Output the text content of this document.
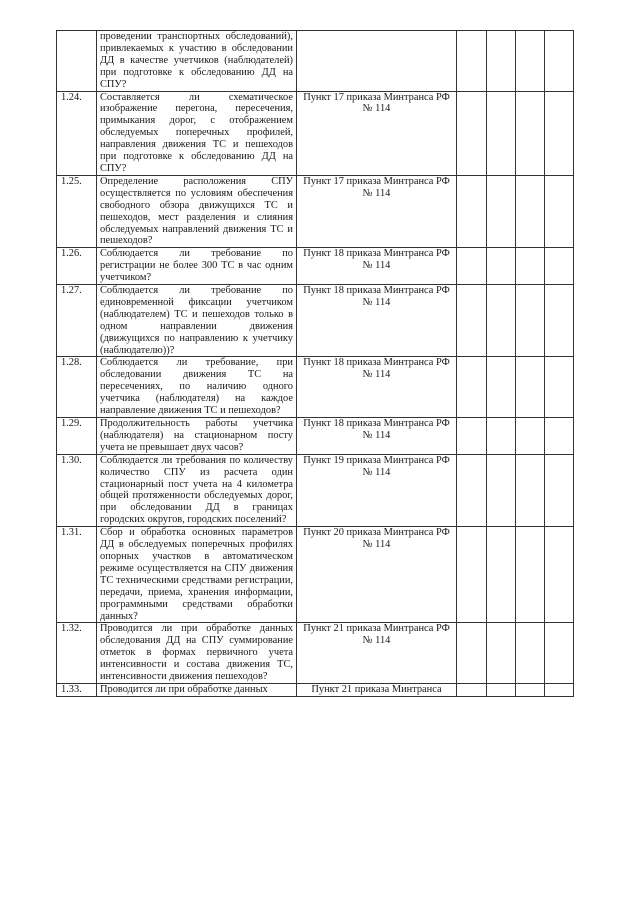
	проведении транспортных обследований), привлекаемых к участию в обследовании ДД в качестве учетчиков (наблюдателей) при подготовке к обследованию ДД на СПУ?					
1.24.	Составляется ли схематическое изображение перегона, пересечения, примыкания дорог, с отображением обследуемых поперечных профилей, направления движения ТС и пешеходов при подготовке к обследованию ДД на СПУ?	Пункт 17 приказа Минтранса РФ № 114				
1.25.	Определение расположения СПУ осуществляется по условиям обеспечения свободного обзора движущихся ТС и пешеходов, мест разделения и слияния обследуемых направлений движения ТС и пешеходов?	Пункт 17 приказа Минтранса РФ № 114				
1.26.	Соблюдается ли требование по регистрации не более 300 ТС в час одним учетчиком?	Пункт 18 приказа Минтранса РФ № 114				
1.27.	Соблюдается ли требование по единовременной фиксации учетчиком (наблюдателем) ТС и пешеходов только в одном направлении движения (движущихся по направлению к учетчику (наблюдателю))?	Пункт 18 приказа Минтранса РФ № 114				
1.28.	Соблюдается ли требование, при обследовании движения ТС на пересечениях, по наличию одного учетчика (наблюдателя) на каждое направление движения ТС и пешеходов?	Пункт 18 приказа Минтранса РФ № 114				
1.29.	Продолжительность работы учетчика (наблюдателя) на стационарном посту учета не превышает двух часов?	Пункт 18 приказа Минтранса РФ № 114				
1.30.	Соблюдается ли требования по количеству количество СПУ из расчета один стационарный пост учета на 4 километра общей протяженности обследуемых дорог, при обследовании ДД в границах городских округов, городских поселений?	Пункт 19 приказа Минтранса РФ № 114				
1.31.	Сбор и обработка основных параметров ДД в обследуемых поперечных профилях опорных участков в автоматическом режиме осуществляется на СПУ движения ТС техническими средствами регистрации, передачи, приема, хранения информации, программными средствами обработки данных?	Пункт 20 приказа Минтранса РФ № 114				
1.32.	Проводится ли при обработке данных обследования ДД на СПУ суммирование отметок в формах первичного учета интенсивности и состава движения ТС, интенсивности движения пешеходов?	Пункт 21 приказа Минтранса РФ № 114				
1.33.	Проводится ли при обработке данных	Пункт 21 приказа Минтранса				
